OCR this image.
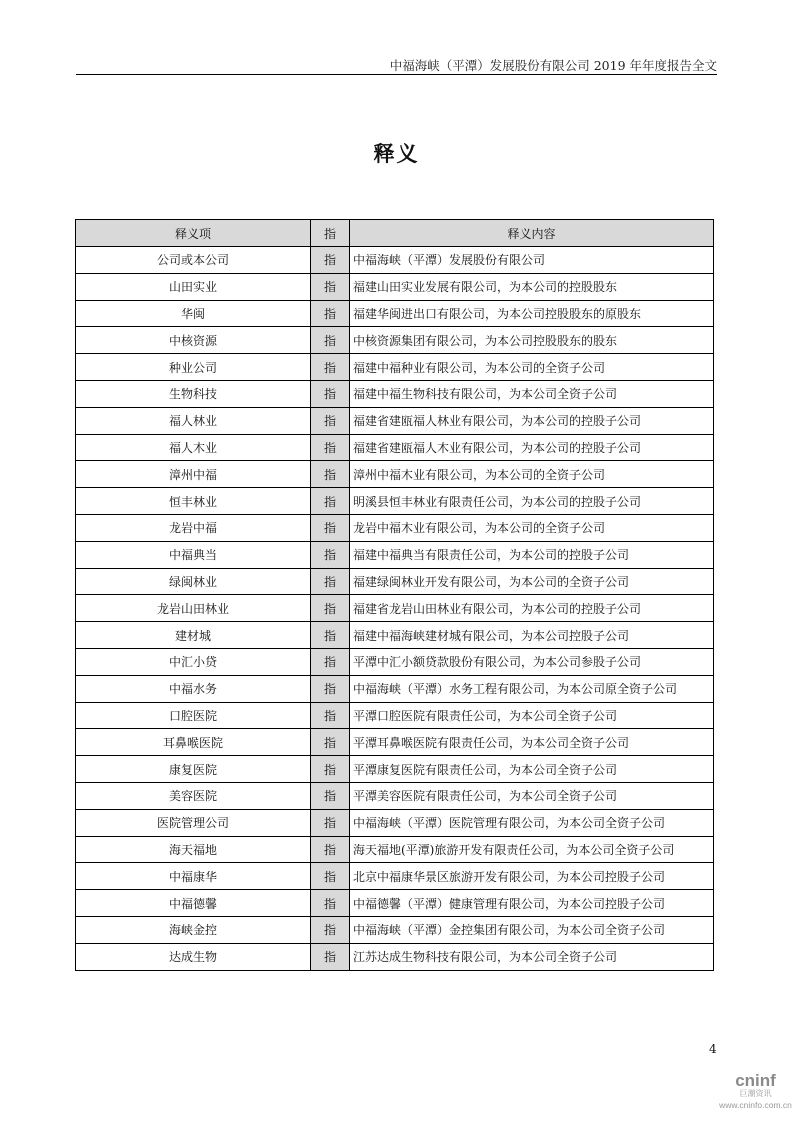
中福海峡（平潭）发展股份有限公司 2019 年年度报告全文
释义
释义项	指	释义内容
公司或本公司	指	中福海峡（平潭）发展股份有限公司
山田实业	指	福建山田实业发展有限公司，为本公司的控股股东
华闽	指	福建华闽进出口有限公司，为本公司控股股东的原股东
中核资源	指	中核资源集团有限公司，为本公司控股股东的股东
种业公司	指	福建中福种业有限公司，为本公司的全资子公司
生物科技	指	福建中福生物科技有限公司，为本公司全资子公司
福人林业	指	福建省建瓯福人林业有限公司，为本公司的控股子公司
福人木业	指	福建省建瓯福人木业有限公司，为本公司的控股子公司
漳州中福	指	漳州中福木业有限公司，为本公司的全资子公司
恒丰林业	指	明溪县恒丰林业有限责任公司，为本公司的控股子公司
龙岩中福	指	龙岩中福木业有限公司，为本公司的全资子公司
中福典当	指	福建中福典当有限责任公司，为本公司的控股子公司
绿闽林业	指	福建绿闽林业开发有限公司，为本公司的全资子公司
龙岩山田林业	指	福建省龙岩山田林业有限公司，为本公司的控股子公司
建材城	指	福建中福海峡建材城有限公司，为本公司控股子公司
中汇小贷	指	平潭中汇小额贷款股份有限公司，为本公司参股子公司
中福水务	指	中福海峡（平潭）水务工程有限公司，为本公司原全资子公司
口腔医院	指	平潭口腔医院有限责任公司，为本公司全资子公司
耳鼻喉医院	指	平潭耳鼻喉医院有限责任公司，为本公司全资子公司
康复医院	指	平潭康复医院有限责任公司，为本公司全资子公司
美容医院	指	平潭美容医院有限责任公司，为本公司全资子公司
医院管理公司	指	中福海峡（平潭）医院管理有限公司，为本公司全资子公司
海天福地	指	海天福地(平潭)旅游开发有限责任公司，为本公司全资子公司
中福康华	指	北京中福康华景区旅游开发有限公司，为本公司控股子公司
中福德馨	指	中福德馨（平潭）健康管理有限公司，为本公司控股子公司
海峡金控	指	中福海峡（平潭）金控集团有限公司，为本公司全资子公司
达成生物	指	江苏达成生物科技有限公司，为本公司全资子公司
4
cninf
巨潮资讯
www.cninfo.com.cn
